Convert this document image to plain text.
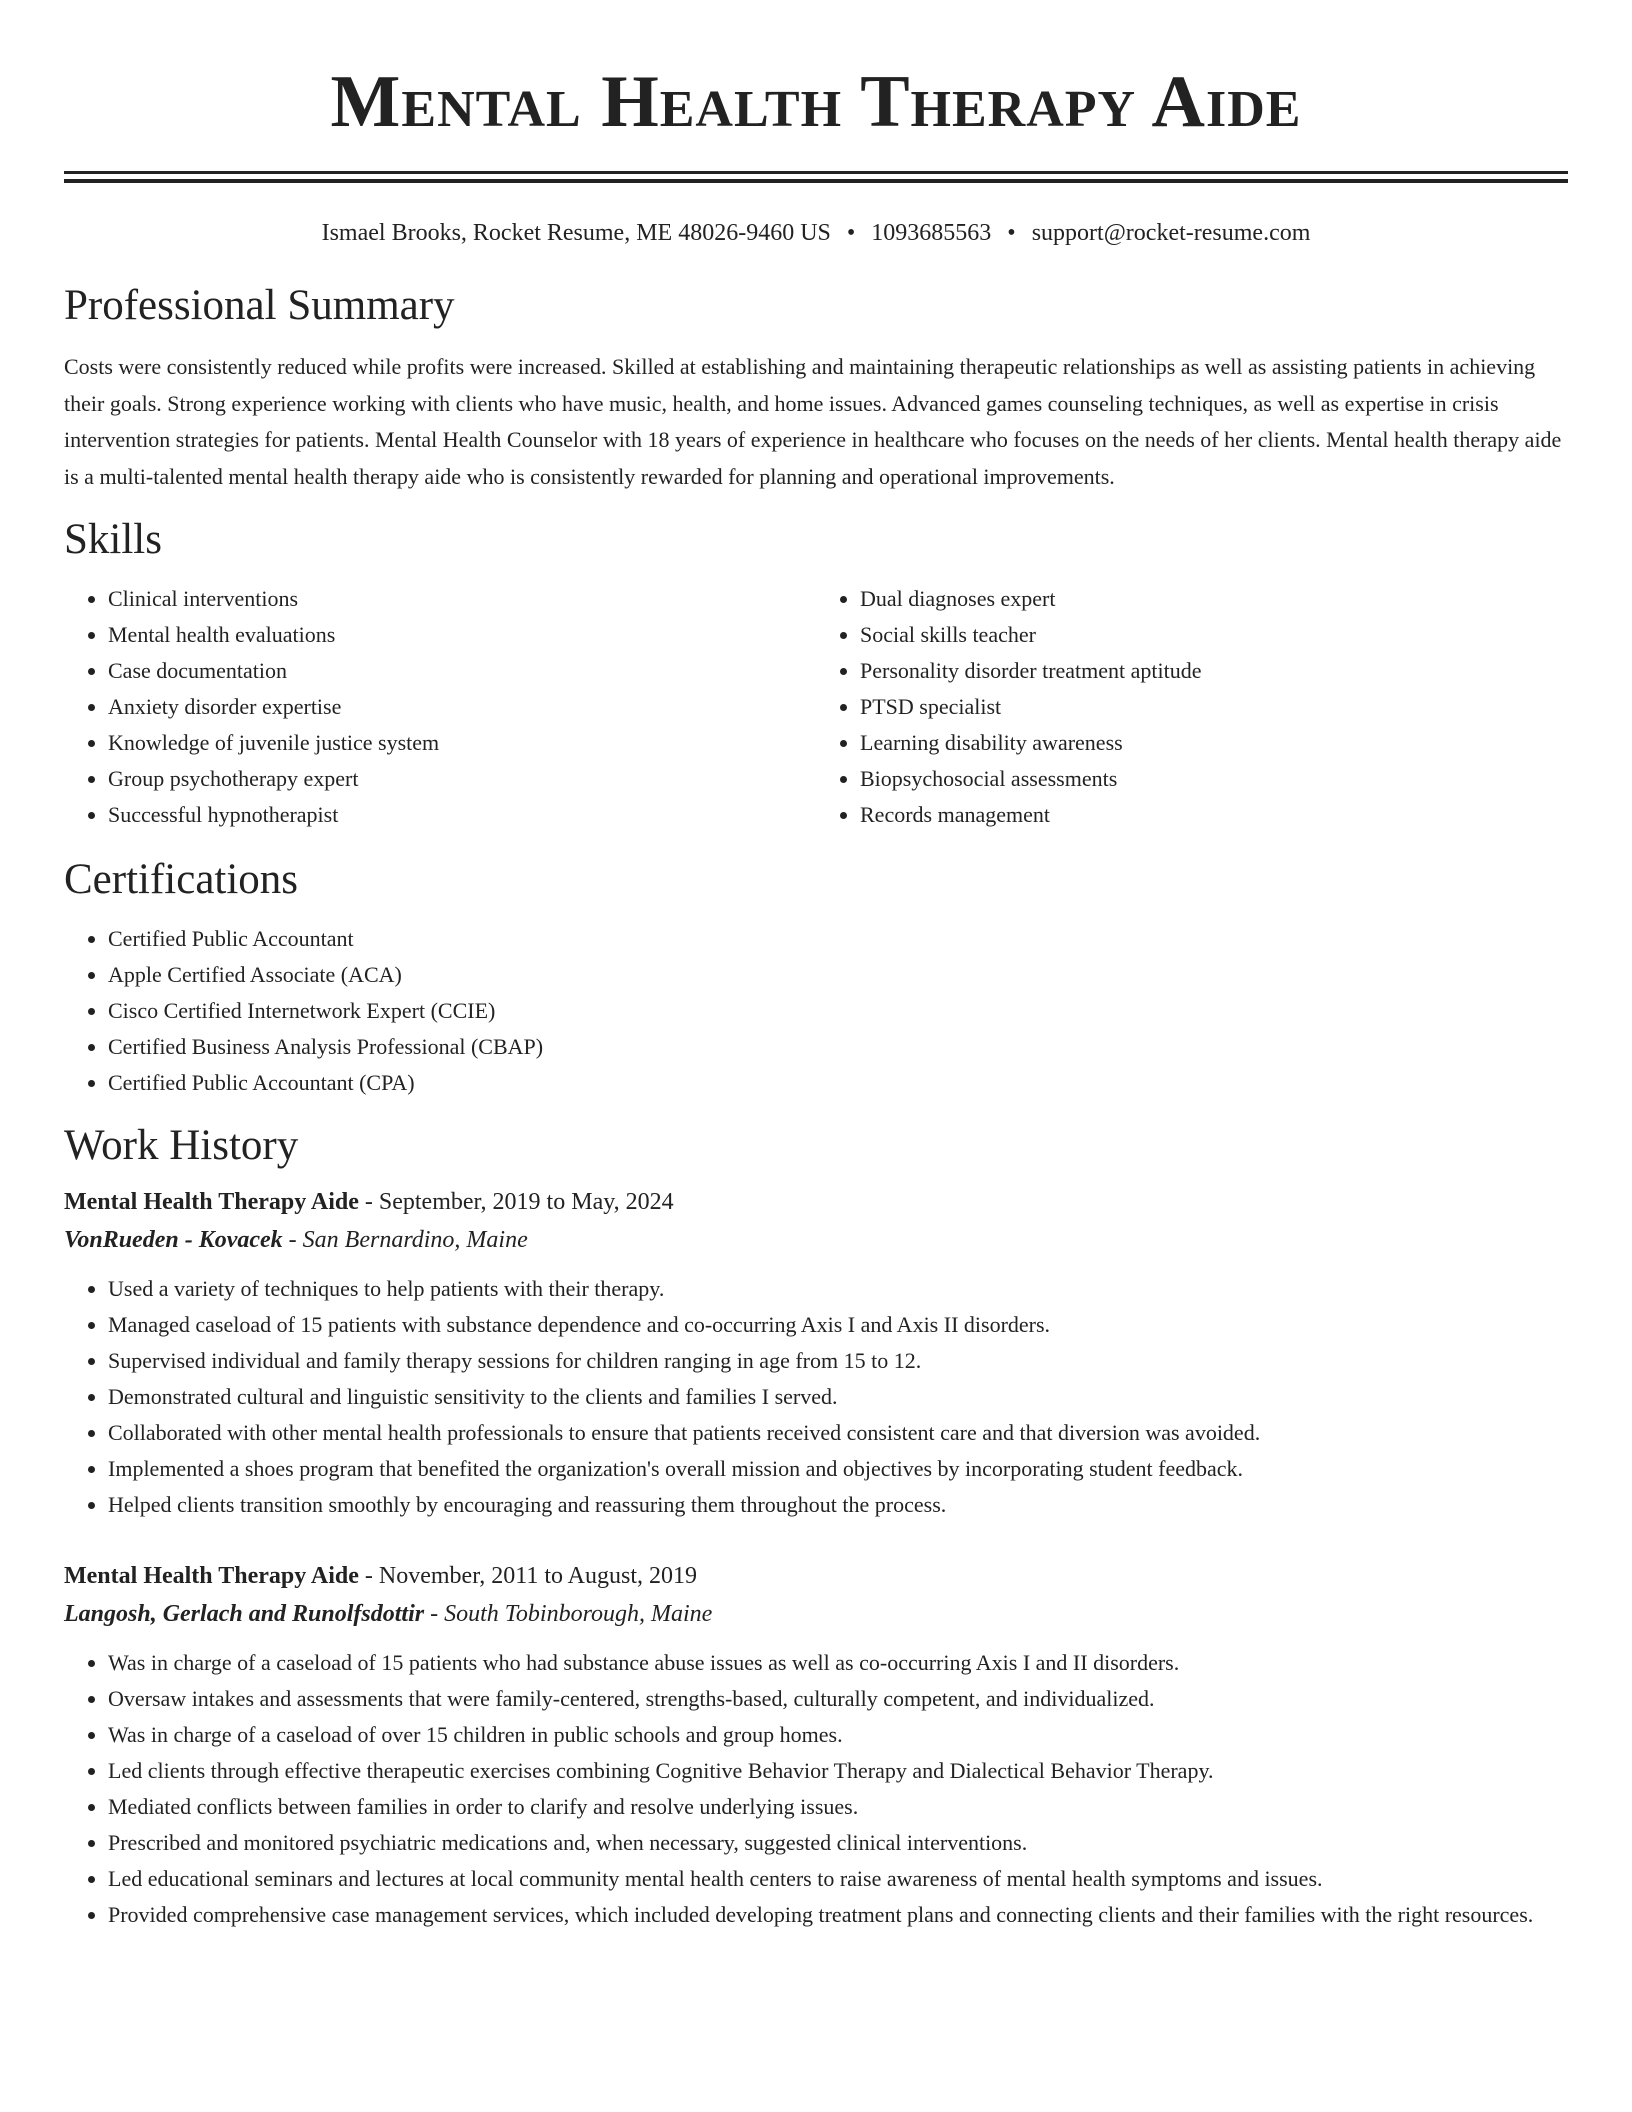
Mental Health Therapy Aide
Ismael Brooks, Rocket Resume, ME 48026-9460 US • 1093685563 • support@rocket-resume.com
Professional Summary
Costs were consistently reduced while profits were increased. Skilled at establishing and maintaining therapeutic relationships as well as assisting patients in achieving their goals. Strong experience working with clients who have music, health, and home issues. Advanced games counseling techniques, as well as expertise in crisis intervention strategies for patients. Mental Health Counselor with 18 years of experience in healthcare who focuses on the needs of her clients. Mental health therapy aide is a multi-talented mental health therapy aide who is consistently rewarded for planning and operational improvements.
Skills
• Clinical interventions
• Mental health evaluations
• Case documentation
• Anxiety disorder expertise
• Knowledge of juvenile justice system
• Group psychotherapy expert
• Successful hypnotherapist
• Dual diagnoses expert
• Social skills teacher
• Personality disorder treatment aptitude
• PTSD specialist
• Learning disability awareness
• Biopsychosocial assessments
• Records management
Certifications
• Certified Public Accountant
• Apple Certified Associate (ACA)
• Cisco Certified Internetwork Expert (CCIE)
• Certified Business Analysis Professional (CBAP)
• Certified Public Accountant (CPA)
Work History
Mental Health Therapy Aide - September, 2019 to May, 2024
VonRueden - Kovacek - San Bernardino, Maine
• Used a variety of techniques to help patients with their therapy.
• Managed caseload of 15 patients with substance dependence and co-occurring Axis I and Axis II disorders.
• Supervised individual and family therapy sessions for children ranging in age from 15 to 12.
• Demonstrated cultural and linguistic sensitivity to the clients and families I served.
• Collaborated with other mental health professionals to ensure that patients received consistent care and that diversion was avoided.
• Implemented a shoes program that benefited the organization's overall mission and objectives by incorporating student feedback.
• Helped clients transition smoothly by encouraging and reassuring them throughout the process.
Mental Health Therapy Aide - November, 2011 to August, 2019
Langosh, Gerlach and Runolfsdottir - South Tobinborough, Maine
• Was in charge of a caseload of 15 patients who had substance abuse issues as well as co-occurring Axis I and II disorders.
• Oversaw intakes and assessments that were family-centered, strengths-based, culturally competent, and individualized.
• Was in charge of a caseload of over 15 children in public schools and group homes.
• Led clients through effective therapeutic exercises combining Cognitive Behavior Therapy and Dialectical Behavior Therapy.
• Mediated conflicts between families in order to clarify and resolve underlying issues.
• Prescribed and monitored psychiatric medications and, when necessary, suggested clinical interventions.
• Led educational seminars and lectures at local community mental health centers to raise awareness of mental health symptoms and issues.
• Provided comprehensive case management services, which included developing treatment plans and connecting clients and their families with the right resources.
